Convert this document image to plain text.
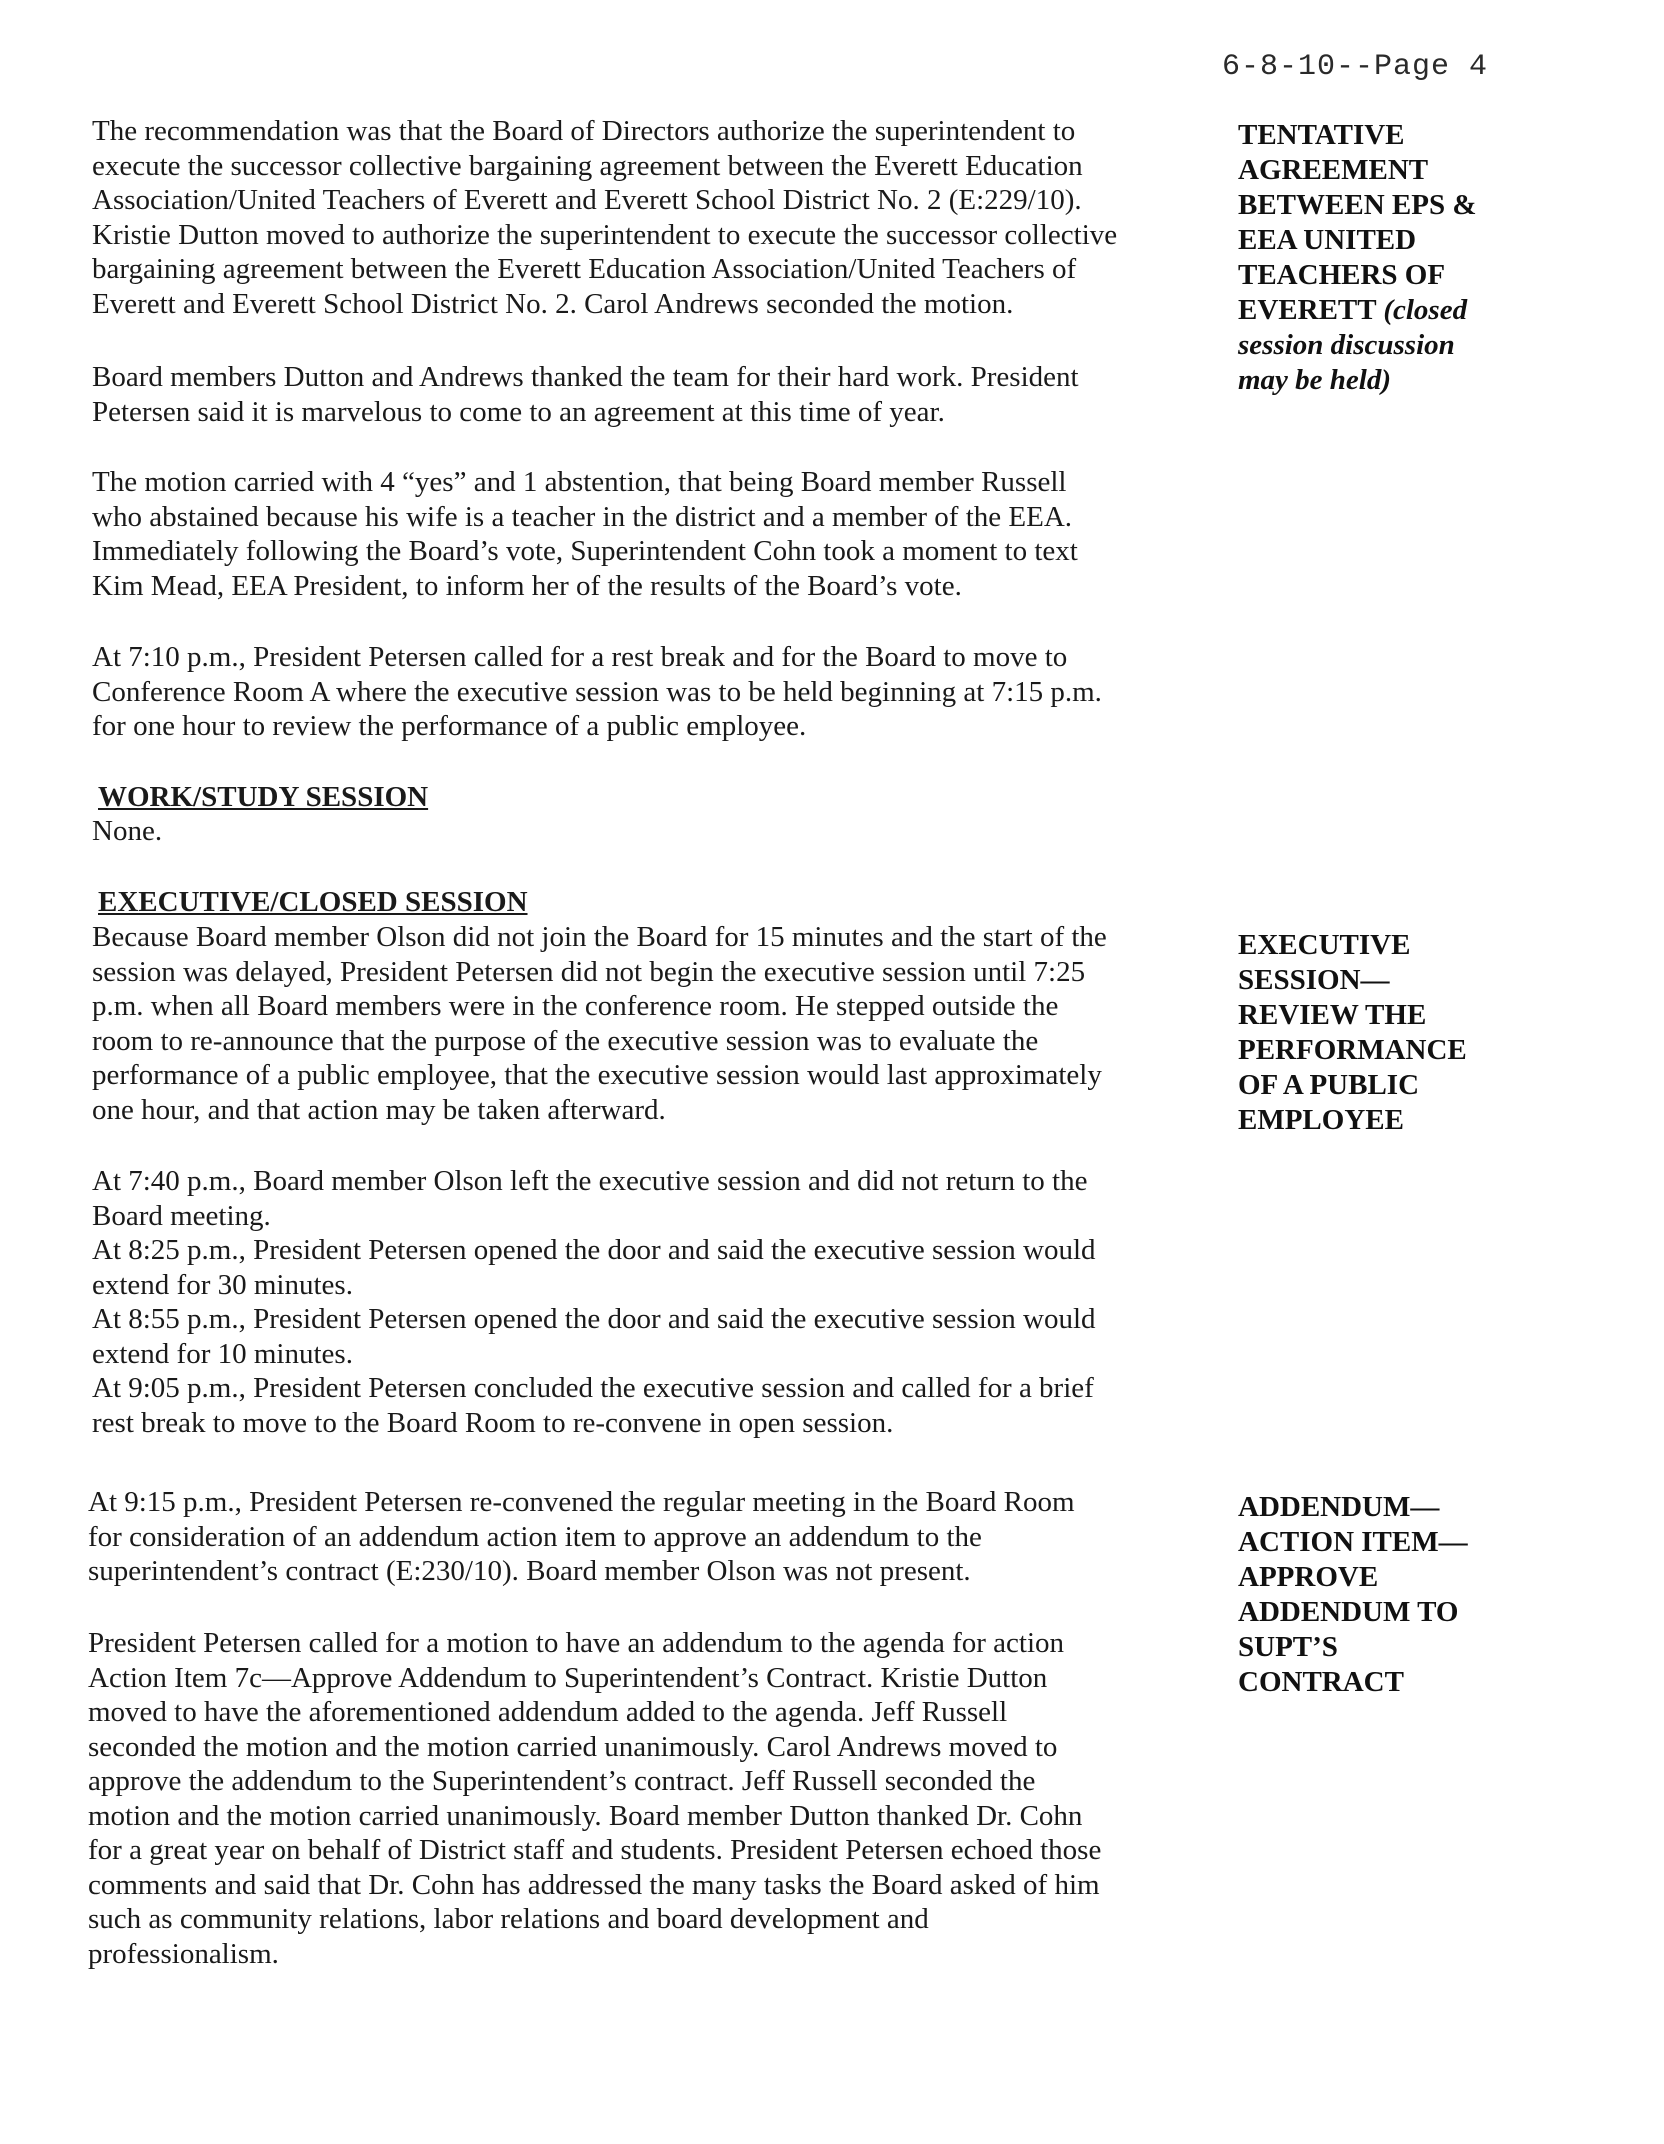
6-8-10--Page 4
The recommendation was that the Board of Directors authorize the superintendent to
execute the successor collective bargaining agreement between the Everett Education
Association/United Teachers of Everett and Everett School District No. 2 (E:229/10).
Kristie Dutton moved to authorize the superintendent to execute the successor collective
bargaining agreement between the Everett Education Association/United Teachers of
Everett and Everett School District No. 2. Carol Andrews seconded the motion.
Board members Dutton and Andrews thanked the team for their hard work. President
Petersen said it is marvelous to come to an agreement at this time of year.
The motion carried with 4 “yes” and 1 abstention, that being Board member Russell
who abstained because his wife is a teacher in the district and a member of the EEA.
Immediately following the Board’s vote, Superintendent Cohn took a moment to text
Kim Mead, EEA President, to inform her of the results of the Board’s vote.
At 7:10 p.m., President Petersen called for a rest break and for the Board to move to
Conference Room A where the executive session was to be held beginning at 7:15 p.m.
for one hour to review the performance of a public employee.
WORK/STUDY SESSION
None.
EXECUTIVE/CLOSED SESSION
Because Board member Olson did not join the Board for 15 minutes and the start of the
session was delayed, President Petersen did not begin the executive session until 7:25
p.m. when all Board members were in the conference room. He stepped outside the
room to re-announce that the purpose of the executive session was to evaluate the
performance of a public employee, that the executive session would last approximately
one hour, and that action may be taken afterward.
At 7:40 p.m., Board member Olson left the executive session and did not return to the
Board meeting.
At 8:25 p.m., President Petersen opened the door and said the executive session would
extend for 30 minutes.
At 8:55 p.m., President Petersen opened the door and said the executive session would
extend for 10 minutes.
At 9:05 p.m., President Petersen concluded the executive session and called for a brief
rest break to move to the Board Room to re-convene in open session.
At 9:15 p.m., President Petersen re-convened the regular meeting in the Board Room
for consideration of an addendum action item to approve an addendum to the
superintendent’s contract (E:230/10). Board member Olson was not present.
President Petersen called for a motion to have an addendum to the agenda for action
Action Item 7c—Approve Addendum to Superintendent’s Contract. Kristie Dutton
moved to have the aforementioned addendum added to the agenda. Jeff Russell
seconded the motion and the motion carried unanimously. Carol Andrews moved to
approve the addendum to the Superintendent’s contract. Jeff Russell seconded the
motion and the motion carried unanimously. Board member Dutton thanked Dr. Cohn
for a great year on behalf of District staff and students. President Petersen echoed those
comments and said that Dr. Cohn has addressed the many tasks the Board asked of him
such as community relations, labor relations and board development and
professionalism.
TENTATIVE
AGREEMENT
BETWEEN EPS &
EEA UNITED
TEACHERS OF
EVERETT (closed
session discussion
may be held)
EXECUTIVE
SESSION—
REVIEW THE
PERFORMANCE
OF A PUBLIC
EMPLOYEE
ADDENDUM—
ACTION ITEM—
APPROVE
ADDENDUM TO
SUPT’S
CONTRACT
